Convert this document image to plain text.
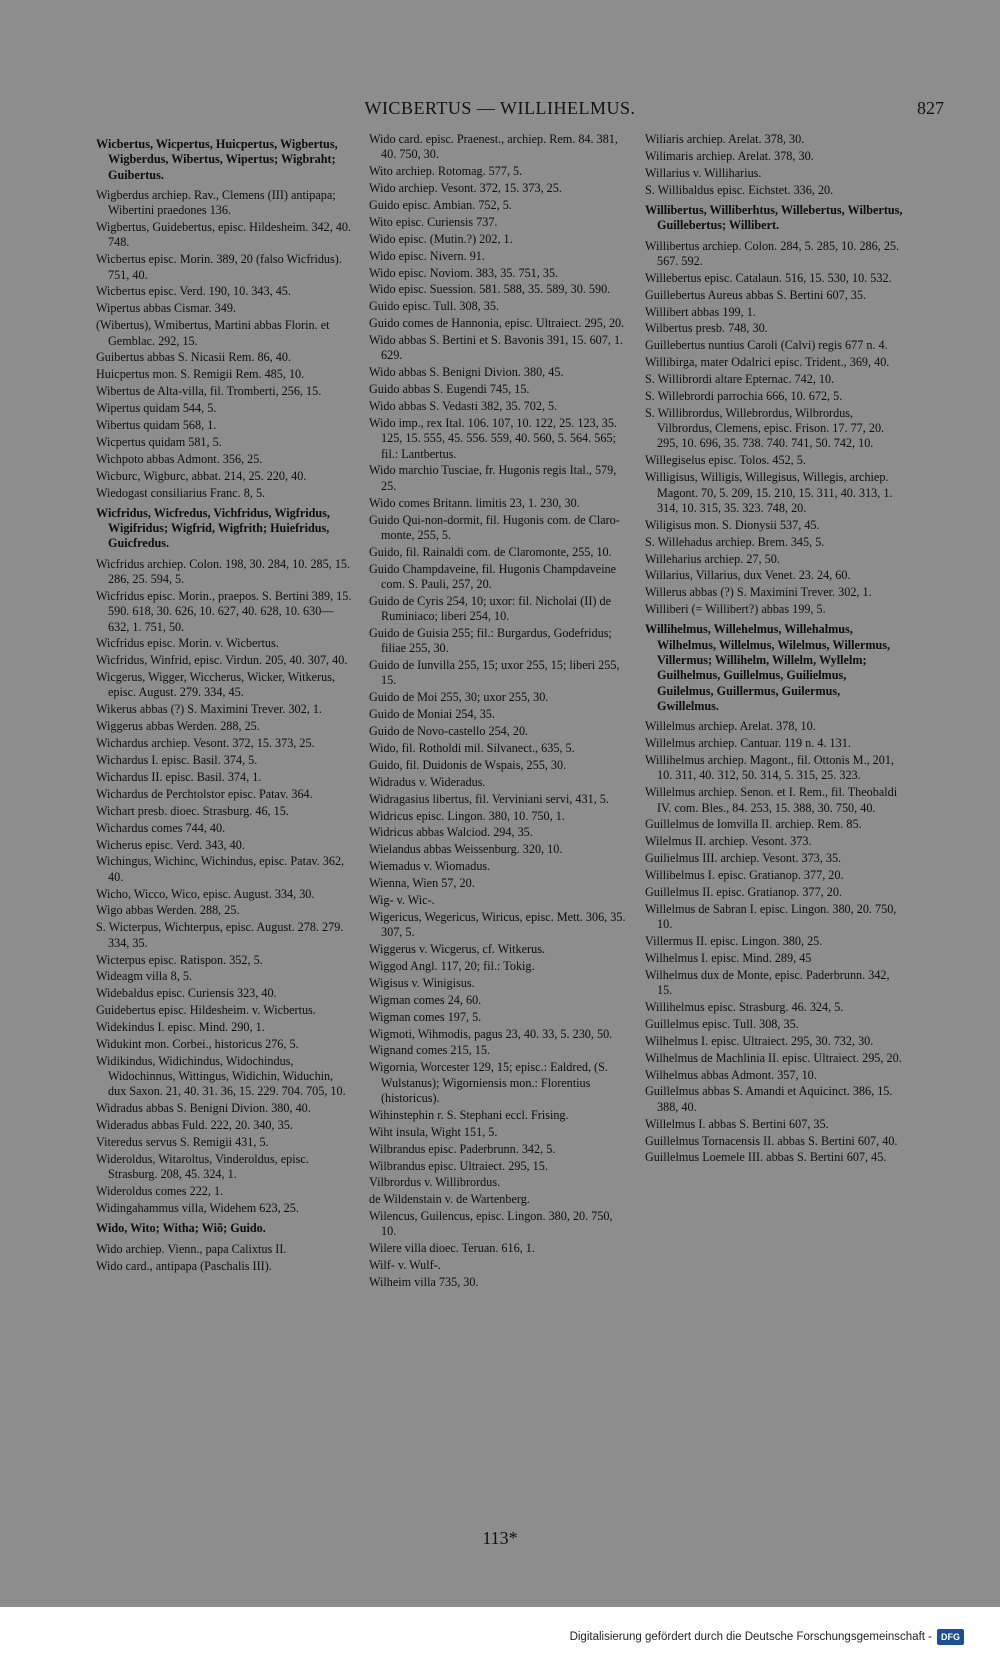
WICBERTUS — WILLIHELMUS.	827

Wicbertus, Wicpertus, Huicpertus, Wigbertus, Wigberdus, Wibertus, Wipertus; Wigbraht; Guibertus.

Wigberdus archiep. Rav., Clemens (III) antipapa; Wibertini praedones 136.

Wigbertus, Guidebertus, episc. Hildesheim. 342, 40. 748.

Wicbertus episc. Morin. 389, 20 (falso Wicfridus). 751, 40.

Wicbertus episc. Verd. 190, 10. 343, 45.

Wipertus abbas Cismar. 349.

(Wibertus), Wmibertus, Martini abbas Florin. et Gemblac. 292, 15.

Guibertus abbas S. Nicasii Rem. 86, 40.

Huicpertus mon. S. Remigii Rem. 485, 10.

Wibertus de Alta-villa, fil. Tromberti, 256, 15.

Wipertus quidam 544, 5.

Wibertus quidam 568, 1.

Wicpertus quidam 581, 5.

Wichpoto abbas Admont. 356, 25.

Wicburc, Wigburc, abbat. 214, 25. 220, 40.

Wiedogast consiliarius Franc. 8, 5.

Wicfridus, Wicfredus, Vichfridus, Wigfridus, Wigifridus; Wigfrid, Wigfrith; Huiefridus, Guicfredus.

Wicfridus archiep. Colon. 198, 30. 284, 10. 285, 15. 286, 25. 594, 5.

Wicfridus episc. Morin., praepos. S. Bertini 389, 15. 590. 618, 30. 626, 10. 627, 40. 628, 10. 630—632, 1. 751, 50.

Wicfridus episc. Morin. v. Wicbertus.

Wicfridus, Winfrid, episc. Virdun. 205, 40. 307, 40.

Wicgerus, Wigger, Wiccherus, Wicker, Witkerus, episc. August. 279. 334, 45.

Wikerus abbas (?) S. Maximini Trever. 302, 1.

Wiggerus abbas Werden. 288, 25.

Wichardus archiep. Vesont. 372, 15. 373, 25.

Wichardus I. episc. Basil. 374, 5.

Wichardus II. episc. Basil. 374, 1.

Wichardus de Perchtolstor episc. Patav. 364.

Wichart presb. dioec. Strasburg. 46, 15.

Wichardus comes 744, 40.

Wicherus episc. Verd. 343, 40.

Wichingus, Wichinc, Wichindus, episc. Patav. 362, 40.

Wicho, Wicco, Wico, episc. August. 334, 30.

Wigo abbas Werden. 288, 25.

S. Wicterpus, Wichterpus, episc. August. 278. 279. 334, 35.

Wicterpus episc. Ratispon. 352, 5.

Wideagm villa 8, 5.

Widebaldus episc. Curiensis 323, 40.

Guidebertus episc. Hildesheim. v. Wicbertus.

Widekindus I. episc. Mind. 290, 1.

Widukint mon. Corbei., historicus 276, 5.

Widikindus, Widichindus, Widochindus, Widochinnus, Wittingus, Widichin, Widuchin, dux Saxon. 21, 40. 31. 36, 15. 229. 704. 705, 10.

Widradus abbas S. Benigni Divion. 380, 40.

Wideradus abbas Fuld. 222, 20. 340, 35.

Viteredus servus S. Remigii 431, 5.

Wideroldus, Witaroltus, Vinderoldus, episc. Strasburg. 208, 45. 324, 1.

Wideroldus comes 222, 1.

Widingahammus villa, Widehem 623, 25.

Wido, Wito; Witha; Wiõ; Guido.

Wido archiep. Vienn., papa Calixtus II.

Wido card., antipapa (Paschalis III).

Wido card. episc. Praenest., archiep. Rem. 84. 381, 40. 750, 30.

Wito archiep. Rotomag. 577, 5.

Wido archiep. Vesont. 372, 15. 373, 25.

Guido episc. Ambian. 752, 5.

Wito episc. Curiensis 737.

Wido episc. (Mutin.?) 202, 1.

Wido episc. Nivern. 91.

Wido episc. Noviom. 383, 35. 751, 35.

Wido episc. Suession. 581. 588, 35. 589, 30. 590.

Guido episc. Tull. 308, 35.

Guido comes de Hannonia, episc. Ultraiect. 295, 20.

Wido abbas S. Bertini et S. Bavonis 391, 15. 607, 1. 629.

Wido abbas S. Benigni Divion. 380, 45.

Guido abbas S. Eugendi 745, 15.

Wido abbas S. Vedasti 382, 35. 702, 5.

Wido imp., rex Ital. 106. 107, 10. 122, 25. 123, 35. 125, 15. 555, 45. 556. 559, 40. 560, 5. 564. 565; fil.: Lantbertus.

Wido marchio Tusciae, fr. Hugonis regis Ital., 579, 25.

Wido comes Britann. limitis 23, 1. 230, 30.

Guido Qui-non-dormit, fil. Hugonis com. de Claro-monte, 255, 5.

Guido, fil. Rainaldi com. de Claromonte, 255, 10.

Guido Champdaveine, fil. Hugonis Champdaveine com. S. Pauli, 257, 20.

Guido de Cyris 254, 10; uxor: fil. Nicholai (II) de Ruminiaco; liberi 254, 10.

Guido de Guisia 255; fil.: Burgardus, Godefridus; filiae 255, 30.

Guido de Iunvilla 255, 15; uxor 255, 15; liberi 255, 15.

Guido de Moi 255, 30; uxor 255, 30.

Guido de Moniai 254, 35.

Guido de Novo-castello 254, 20.

Wido, fil. Rotholdi mil. Silvanect., 635, 5.

Guido, fil. Duidonis de Wspais, 255, 30.

Widradus v. Wideradus.

Widragasius libertus, fil. Verviniani servi, 431, 5.

Widricus episc. Lingon. 380, 10. 750, 1.

Widricus abbas Walciod. 294, 35.

Wielandus abbas Weissenburg. 320, 10.

Wiemadus v. Wiomadus.

Wienna, Wien 57, 20.

Wig- v. Wic-.

Wigericus, Wegericus, Wiricus, episc. Mett. 306, 35. 307, 5.

Wiggerus v. Wicgerus, cf. Witkerus.

Wiggod Angl. 117, 20; fil.: Tokig.

Wigisus v. Winigisus.

Wigman comes 24, 60.

Wigman comes 197, 5.

Wigmoti, Wihmodis, pagus 23, 40. 33, 5. 230, 50.

Wignand comes 215, 15.

Wigornia, Worcester 129, 15; episc.: Ealdred, (S. Wulstanus); Wigorniensis mon.: Florentius (historicus).

Wihinstephin r. S. Stephani eccl. Frising.

Wiht insula, Wight 151, 5.

Wilbrandus episc. Paderbrunn. 342, 5.

Wilbrandus episc. Ultraiect. 295, 15.

Vilbrordus v. Willibrordus.

de Wildenstain v. de Wartenberg.

Wilencus, Guilencus, episc. Lingon. 380, 20. 750, 10.

Wilere villa dioec. Teruan. 616, 1.

Wilf- v. Wulf-.

Wilheim villa 735, 30.

Wiliaris archiep. Arelat. 378, 30.

Wilimaris archiep. Arelat. 378, 30.

Willarius v. Williharius.

S. Willibaldus episc. Eichstet. 336, 20.

Willibertus, Williberhtus, Willebertus, Wilbertus, Guillebertus; Willibert.

Willibertus archiep. Colon. 284, 5. 285, 10. 286, 25. 567. 592.

Willebertus episc. Catalaun. 516, 15. 530, 10. 532.

Guillebertus Aureus abbas S. Bertini 607, 35.

Willibert abbas 199, 1.

Wilbertus presb. 748, 30.

Guillebertus nuntius Caroli (Calvi) regis 677 n. 4.

Willibirga, mater Odalrici episc. Trident., 369, 40.

S. Willibrordi altare Epternac. 742, 10.

S. Willebrordi parrochia 666, 10. 672, 5.

S. Willibrordus, Willebrordus, Wilbrordus, Vilbrordus, Clemens, episc. Frison. 17. 77, 20. 295, 10. 696, 35. 738. 740. 741, 50. 742, 10.

Willegiselus episc. Tolos. 452, 5.

Willigisus, Willigis, Willegisus, Willegis, archiep. Magont. 70, 5. 209, 15. 210, 15. 311, 40. 313, 1. 314, 10. 315, 35. 323. 748, 20.

Wiligisus mon. S. Dionysii 537, 45.

S. Willehadus archiep. Brem. 345, 5.

Willeharius archiep. 27, 50.

Willarius, Villarius, dux Venet. 23. 24, 60.

Willerus abbas (?) S. Maximini Trever. 302, 1.

Williberi (= Willibert?) abbas 199, 5.

Willihelmus, Willehelmus, Willehalmus, Wilhelmus, Willelmus, Wilelmus, Willermus, Villermus; Willihelm, Willelm, Wyllelm; Guilhelmus, Guillelmus, Guilielmus, Guilelmus, Guillermus, Guilermus, Gwillelmus.

Willelmus archiep. Arelat. 378, 10.

Willelmus archiep. Cantuar. 119 n. 4. 131.

Willihelmus archiep. Magont., fil. Ottonis M., 201, 10. 311, 40. 312, 50. 314, 5. 315, 25. 323.

Willelmus archiep. Senon. et I. Rem., fil. Theobaldi IV. com. Bles., 84. 253, 15. 388, 30. 750, 40.

Guillelmus de Iomvilla II. archiep. Rem. 85.

Wilelmus II. archiep. Vesont. 373.

Guilielmus III. archiep. Vesont. 373, 35.

Willibelmus I. episc. Gratianop. 377, 20.

Guillelmus II. episc. Gratianop. 377, 20.

Willelmus de Sabran I. episc. Lingon. 380, 20. 750, 10.

Villermus II. episc. Lingon. 380, 25.

Wilhelmus I. episc. Mind. 289, 45

Wilhelmus dux de Monte, episc. Paderbrunn. 342, 15.

Willihelmus episc. Strasburg. 46. 324, 5.

Guillelmus episc. Tull. 308, 35.

Wilhelmus I. episc. Ultraiect. 295, 30. 732, 30.

Wilhelmus de Machlinia II. episc. Ultraiect. 295, 20.

Wilhelmus abbas Admont. 357, 10.

Guillelmus abbas S. Amandi et Aquicinct. 386, 15. 388, 40.

Willelmus I. abbas S. Bertini 607, 35.

Guillelmus Tornacensis II. abbas S. Bertini 607, 40.

Guillelmus Loemele III. abbas S. Bertini 607, 45.

113*
Digitalisierung gefördert durch die Deutsche Forschungsgemeinschaft -	DFG
